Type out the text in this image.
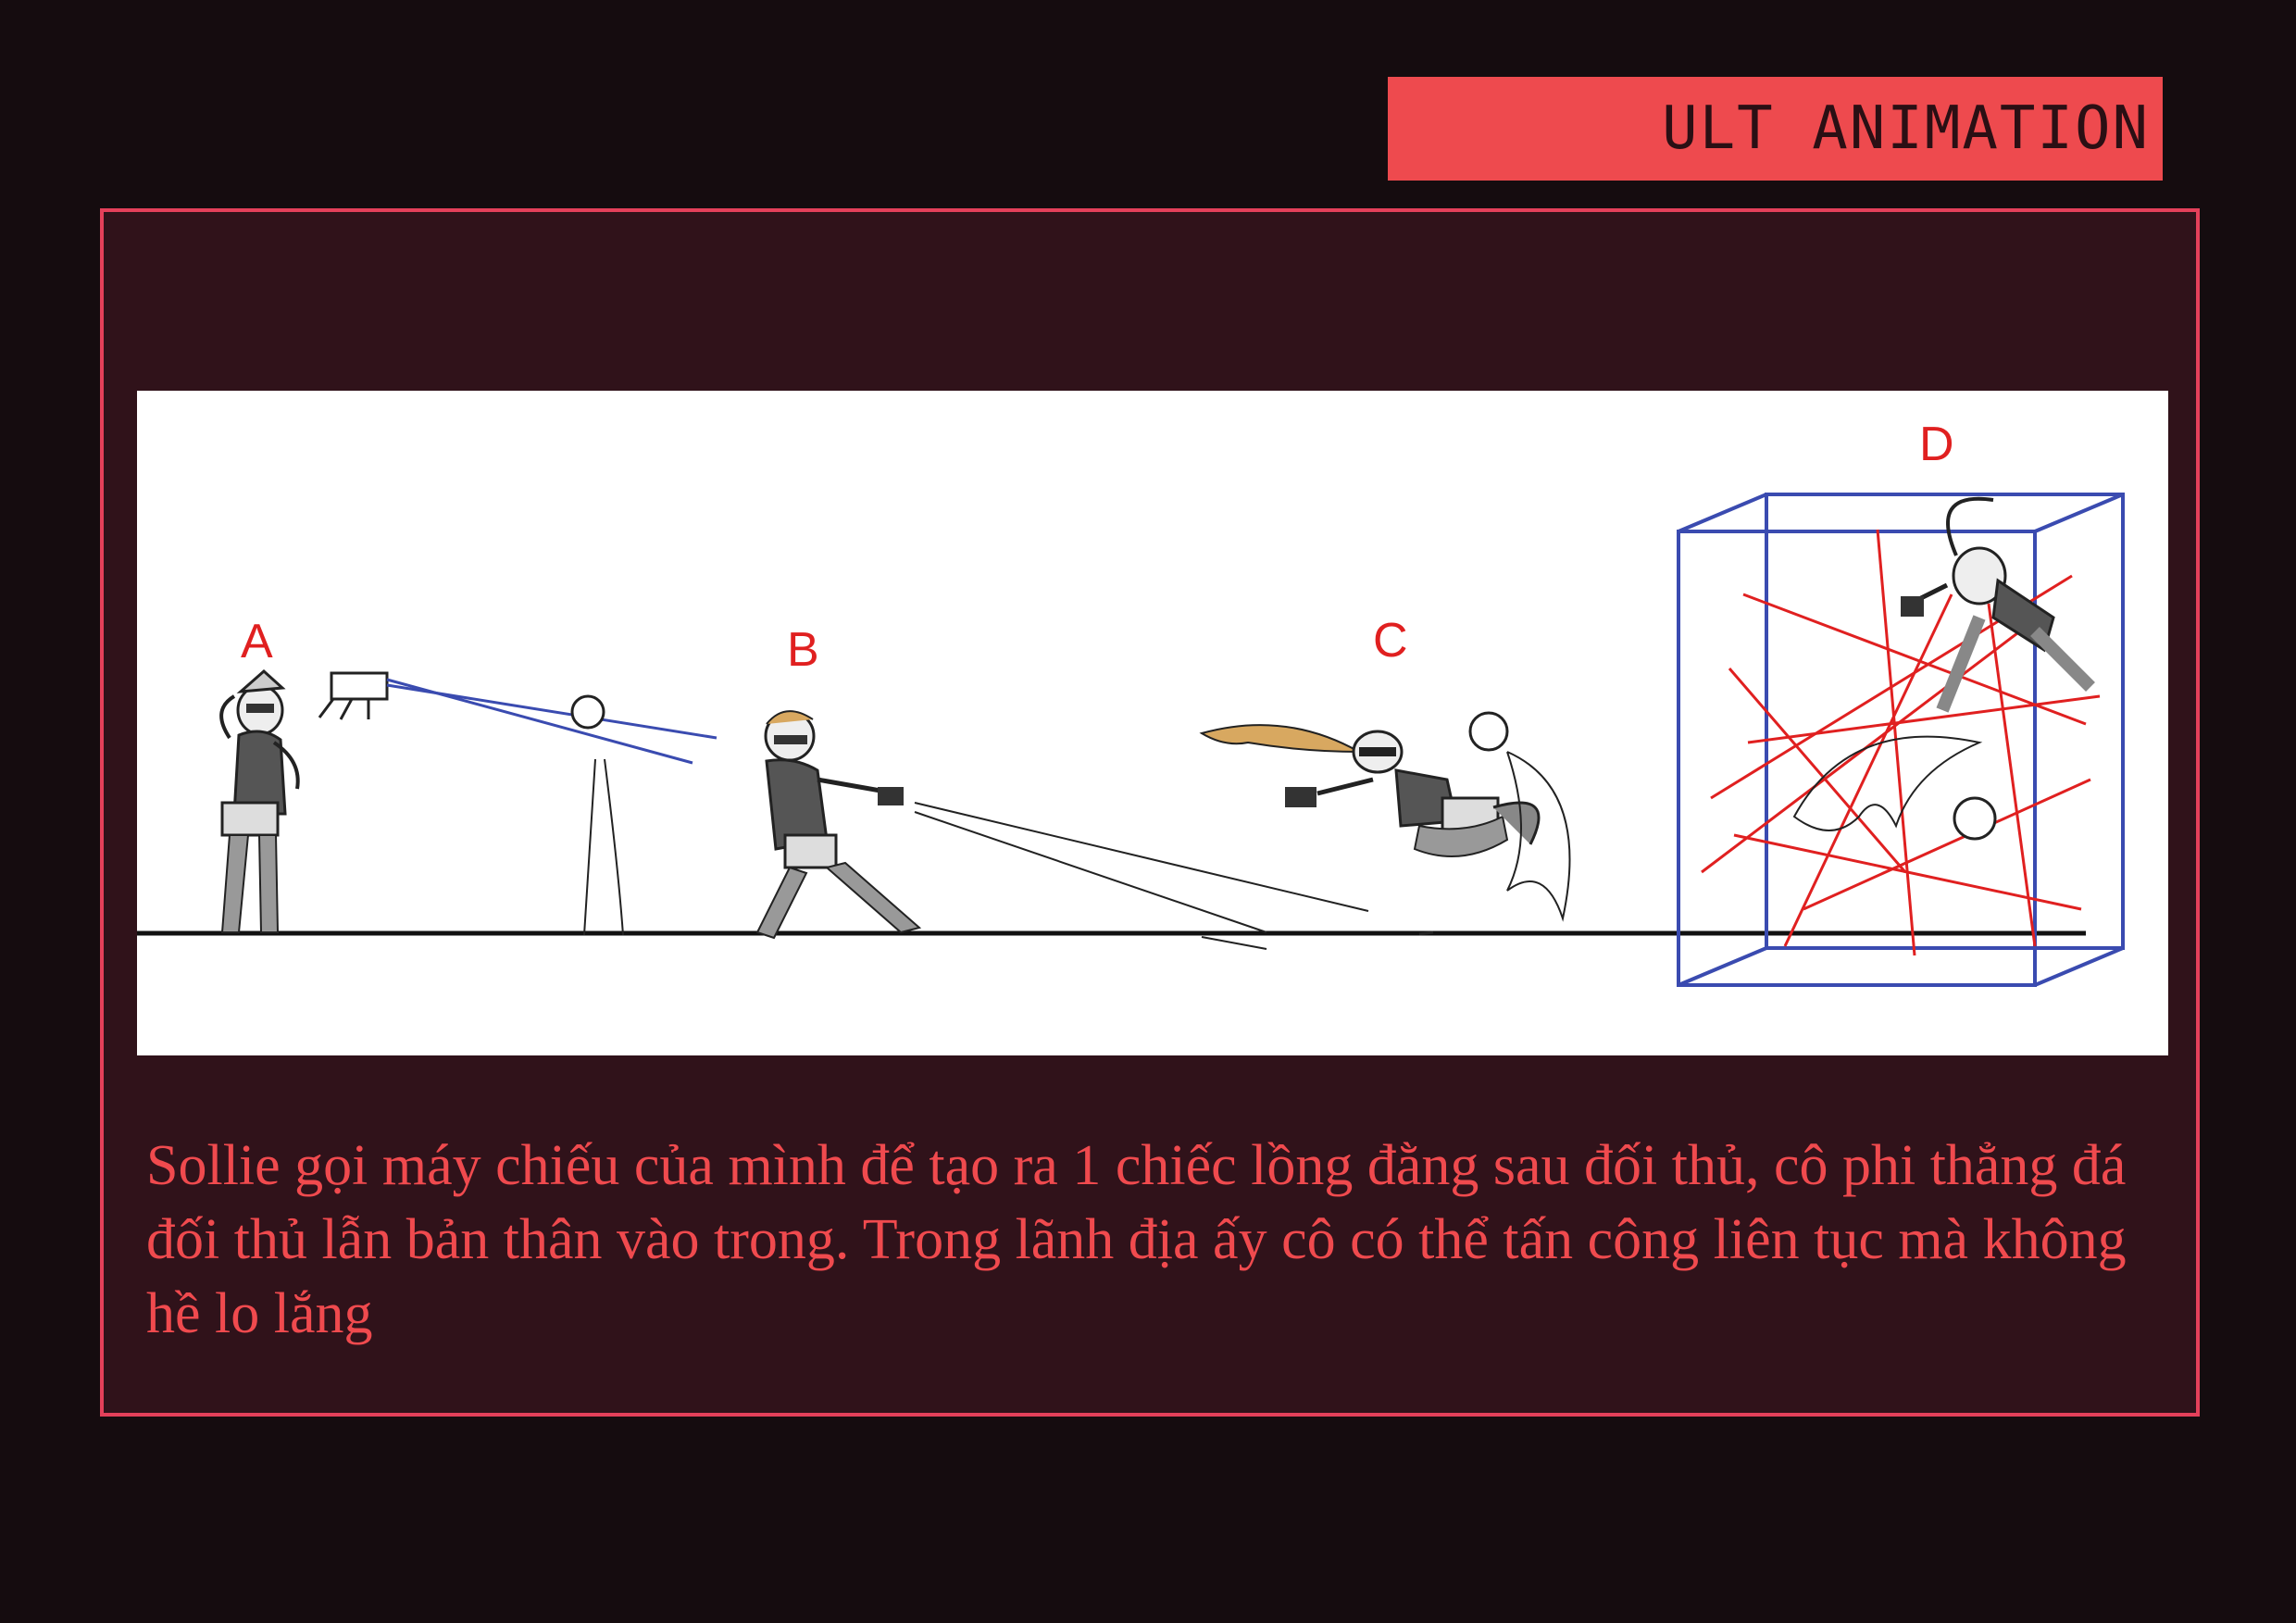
ULT ANIMATION
A	B	C
D

Sollie gọi máy chiếu của mình để tạo ra 1 chiếc lồng đằng sau đối thủ, cô phi thẳng đá đối thủ lẫn bản thân vào trong. Trong lãnh địa ấy cô có thể tấn công liên tục mà không hề lo lắng
